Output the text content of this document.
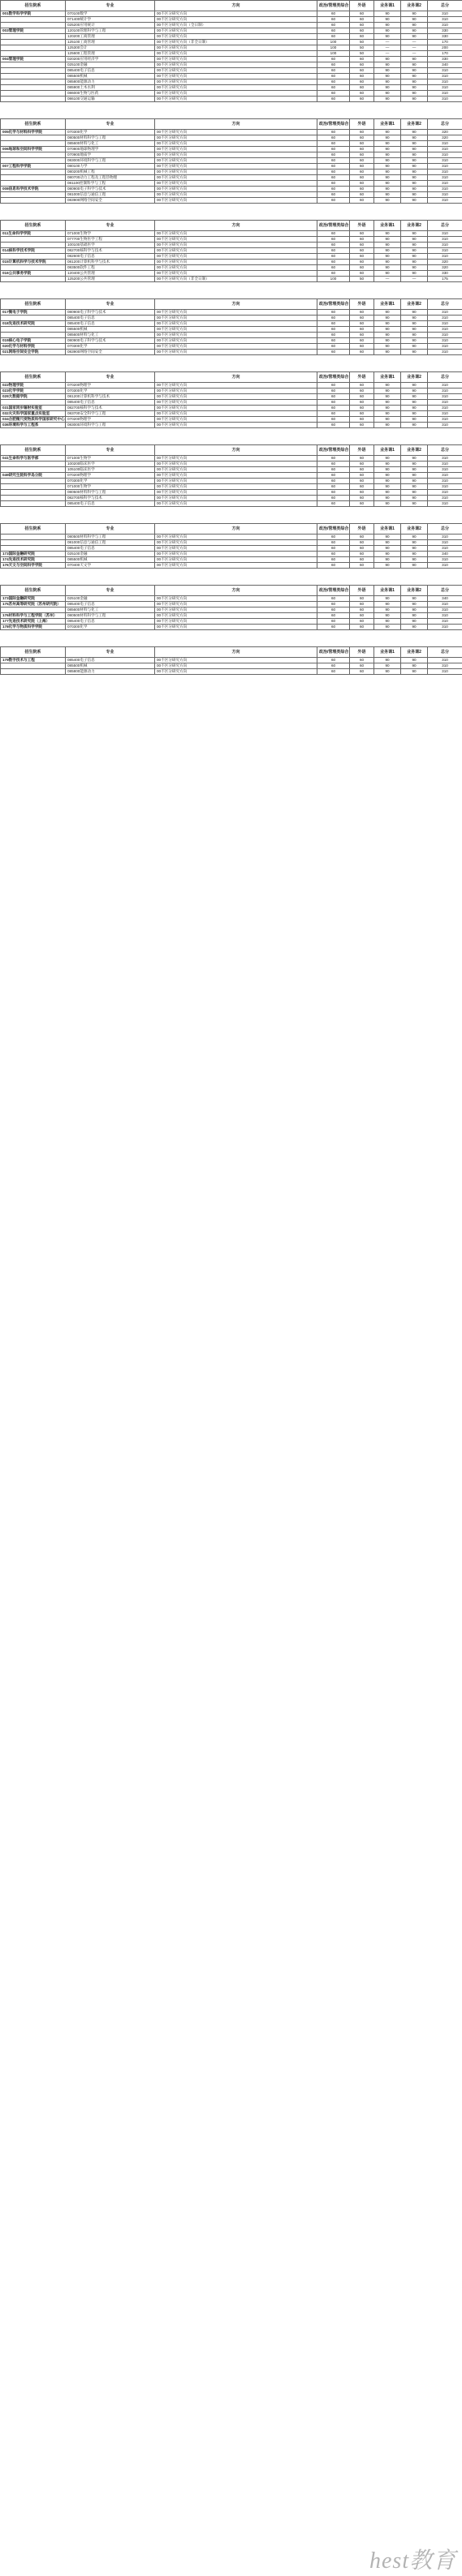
招生院系	专业	方向	政治/管理类综合	外语	业务课1	业务课2	总分
001数学科学学院	070100数学	00不区分研究方向	60	60	90	90	310
	071400统计学	00不区分研究方向	60	60	90	90	310
	025200应用统计	00不区分研究方向（全日制）	60	60	90	90	310
003管理学院	120100管理科学与工程	00不区分研究方向	60	60	90	90	330
	120200工商管理	00不区分研究方向	60	60	90	90	330
	125100工商管理	00不区分研究方向（非全日制）	100	50	—	—	170
	125300会计	00不区分研究方向	100	50	—	—	200
	125600工程管理	00不区分研究方向	100	50	—	—	170
004管理学院	020200应用经济学	00不区分研究方向	60	60	90	90	330
	025100金融	00不区分研究方向	60	60	90	90	340
	085400电子信息	00不区分研究方向	60	60	90	90	310
	085500机械	00不区分研究方向	60	60	90	90	310
	085800能源动力	00不区分研究方向	60	60	90	90	310
	085900土木水利	00不区分研究方向	60	60	90	90	310
	086000生物与医药	00不区分研究方向	60	60	90	90	310
	086100交通运输	00不区分研究方向	60	60	90	90	310
招生院系	专业	方向	政治/管理类综合	外语	业务课1	业务课2	总分
005化学与材料科学学院	070300化学	00不区分研究方向	60	60	90	90	320
	080500材料科学与工程	00不区分研究方向	60	60	90	90	320
	085600材料与化工	00不区分研究方向	60	60	90	90	310
006地球和空间科学学院	070800地球物理学	00不区分研究方向	60	60	90	90	310
	070900地质学	00不区分研究方向	60	60	90	90	310
	083000环境科学与工程	00不区分研究方向	60	60	90	90	310
007工程科学学院	080100力学	00不区分研究方向	60	60	90	90	310
	080200机械工程	00不区分研究方向	60	60	90	90	310
	080700动力工程及工程热物理	00不区分研究方向	60	60	90	90	310
	081100控制科学与工程	00不区分研究方向	60	60	90	90	310
008信息科学技术学院	080900电子科学与技术	00不区分研究方向	60	60	90	90	310
	081000信息与通信工程	00不区分研究方向	60	60	90	90	310
	083900网络空间安全	00不区分研究方向	60	60	90	90	310
招生院系	专业	方向	政治/管理类综合	外语	业务课1	业务课2	总分
011生命科学学院	071000生物学	00不区分研究方向	60	60	90	90	310
	077700生物医学工程	00不区分研究方向	60	60	90	90	310
	100100基础医学	00不区分研究方向	60	60	90	90	310
014核科学技术学院	082700核科学与技术	00不区分研究方向	60	60	90	90	310
	082600电子信息	00不区分研究方向	60	60	90	90	310
015计算机科学与技术学院	081200计算机科学与技术	00不区分研究方向	60	60	90	90	320
	083500软件工程	00不区分研究方向	60	60	90	90	320
016公共事务学院	120400公共管理	00不区分研究方向	60	60	90	90	330
	125200公共管理	00不区分研究方向（非全日制）	100	50	—	—	175
招生院系	专业	方向	政治/管理类综合	外语	业务课1	业务课2	总分
017微电子学院	080900电子科学与技术	00不区分研究方向	60	60	90	90	310
	085400电子信息	00不区分研究方向	60	60	90	90	310
018先进技术研究院	085400电子信息	00不区分研究方向	60	60	90	90	310
	085500机械	00不区分研究方向	60	60	90	90	310
	085600材料与化工	00不区分研究方向	60	60	90	90	310
019核心电子学院	080900电子科学与技术	00不区分研究方向	60	60	90	90	310
020化学与材料学院	070300化学	00不区分研究方向	60	60	90	90	310
021网络空间安全学院	083900网络空间安全	00不区分研究方向	60	60	90	90	310
招生院系	专业	方向	政治/管理类综合	外语	业务课1	业务课2	总分
022物理学院	070200物理学	00不区分研究方向	60	60	90	90	310
023化学学院	070300化学	00不区分研究方向	60	60	90	90	310
029大数据学院	081200计算机科学与技术	00不区分研究方向	60	60	90	90	310
	085400电子信息	00不区分研究方向	60	60	90	90	310
031国家同步辐射实验室	082700核科学与技术	00不区分研究方向	60	60	90	90	310
032火灾科学国家重点实验室	083700安全科学与工程	00不区分研究方向	60	60	90	90	310
034合肥微尺度物质科学国家研究中心	070200物理学	00不区分研究方向	60	60	90	90	310
036环境科学与工程系	083000环境科学与工程	00不区分研究方向	60	60	90	90	310
招生院系	专业	方向	政治/管理类综合	外语	业务课1	业务课2	总分
041生命科学与医学部	071000生物学	00不区分研究方向	60	60	90	90	310
	100200临床医学	00不区分研究方向	60	60	90	90	310
	105100临床医学	00不区分研究方向	60	60	90	90	310
049研究生院科学岛分院	070200物理学	00不区分研究方向	60	60	90	90	310
	070300化学	00不区分研究方向	60	60	90	90	310
	071000生物学	00不区分研究方向	60	60	90	90	310
	080500材料科学与工程	00不区分研究方向	60	60	90	90	310
	082700核科学与技术	00不区分研究方向	60	60	90	90	310
	085400电子信息	00不区分研究方向	60	60	90	90	310
招生院系	专业	方向	政治/管理类综合	外语	业务课1	业务课2	总分
	080500材料科学与工程	00不区分研究方向	60	60	90	90	310
	081000信息与通信工程	00不区分研究方向	60	60	90	90	310
	085400电子信息	00不区分研究方向	60	60	90	90	310
173国际金融研究院	025100金融	00不区分研究方向	60	60	90	90	340
174先进技术研究院	085500机械	00不区分研究方向	60	60	90	90	310
176天文与空间科学学院	070400天文学	00不区分研究方向	60	60	90	90	310
招生院系	专业	方向	政治/管理类综合	外语	业务课1	业务课2	总分
173国际金融研究院	025100金融	00不区分研究方向	60	60	90	90	340
175苏州高等研究院（苏州研究院）	085400电子信息	00不区分研究方向	60	60	90	90	310
	085600材料与化工	00不区分研究方向	60	60	90	90	310
176材料科学与工程学院（苏州）	080500材料科学与工程	00不区分研究方向	60	60	90	90	310
177先进技术研究院（上海）	085400电子信息	00不区分研究方向	60	60	90	90	310
178化学与物质科学学院	070300化学	00不区分研究方向	60	60	90	90	310
招生院系	专业	方向	政治/管理类综合	外语	业务课1	业务课2	总分
179数字技术与工程	085400电子信息	00不区分研究方向	60	60	90	90	310
	085500机械	00不区分研究方向	60	60	90	90	310
	085800能源动力	00不区分研究方向	60	60	90	90	310
hest教育
